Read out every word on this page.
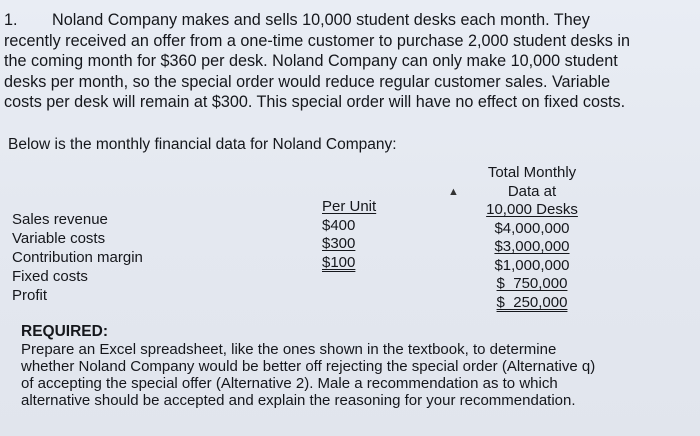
1. Noland Company makes and sells 10,000 student desks each month. They
recently received an offer from a one-time customer to purchase 2,000 student desks in
the coming month for $360 per desk. Noland Company can only make 10,000 student
desks per month, so the special order would reduce regular customer sales. Variable
costs per desk will remain at $300. This special order will have no effect on fixed costs.
Below is the monthly financial data for Noland Company:
Sales revenue
Variable costs
Contribution margin
Fixed costs
Profit
Per Unit
$400
$300
$100
▲
Total Monthly
Data at
10,000 Desks
$4,000,000
$3,000,000
$1,000,000
$  750,000
$  250,000
REQUIRED:
Prepare an Excel spreadsheet, like the ones shown in the textbook, to determine
whether Noland Company would be better off rejecting the special order (Alternative q)
of accepting the special offer (Alternative 2). Male a recommendation as to which
alternative should be accepted and explain the reasoning for your recommendation.
